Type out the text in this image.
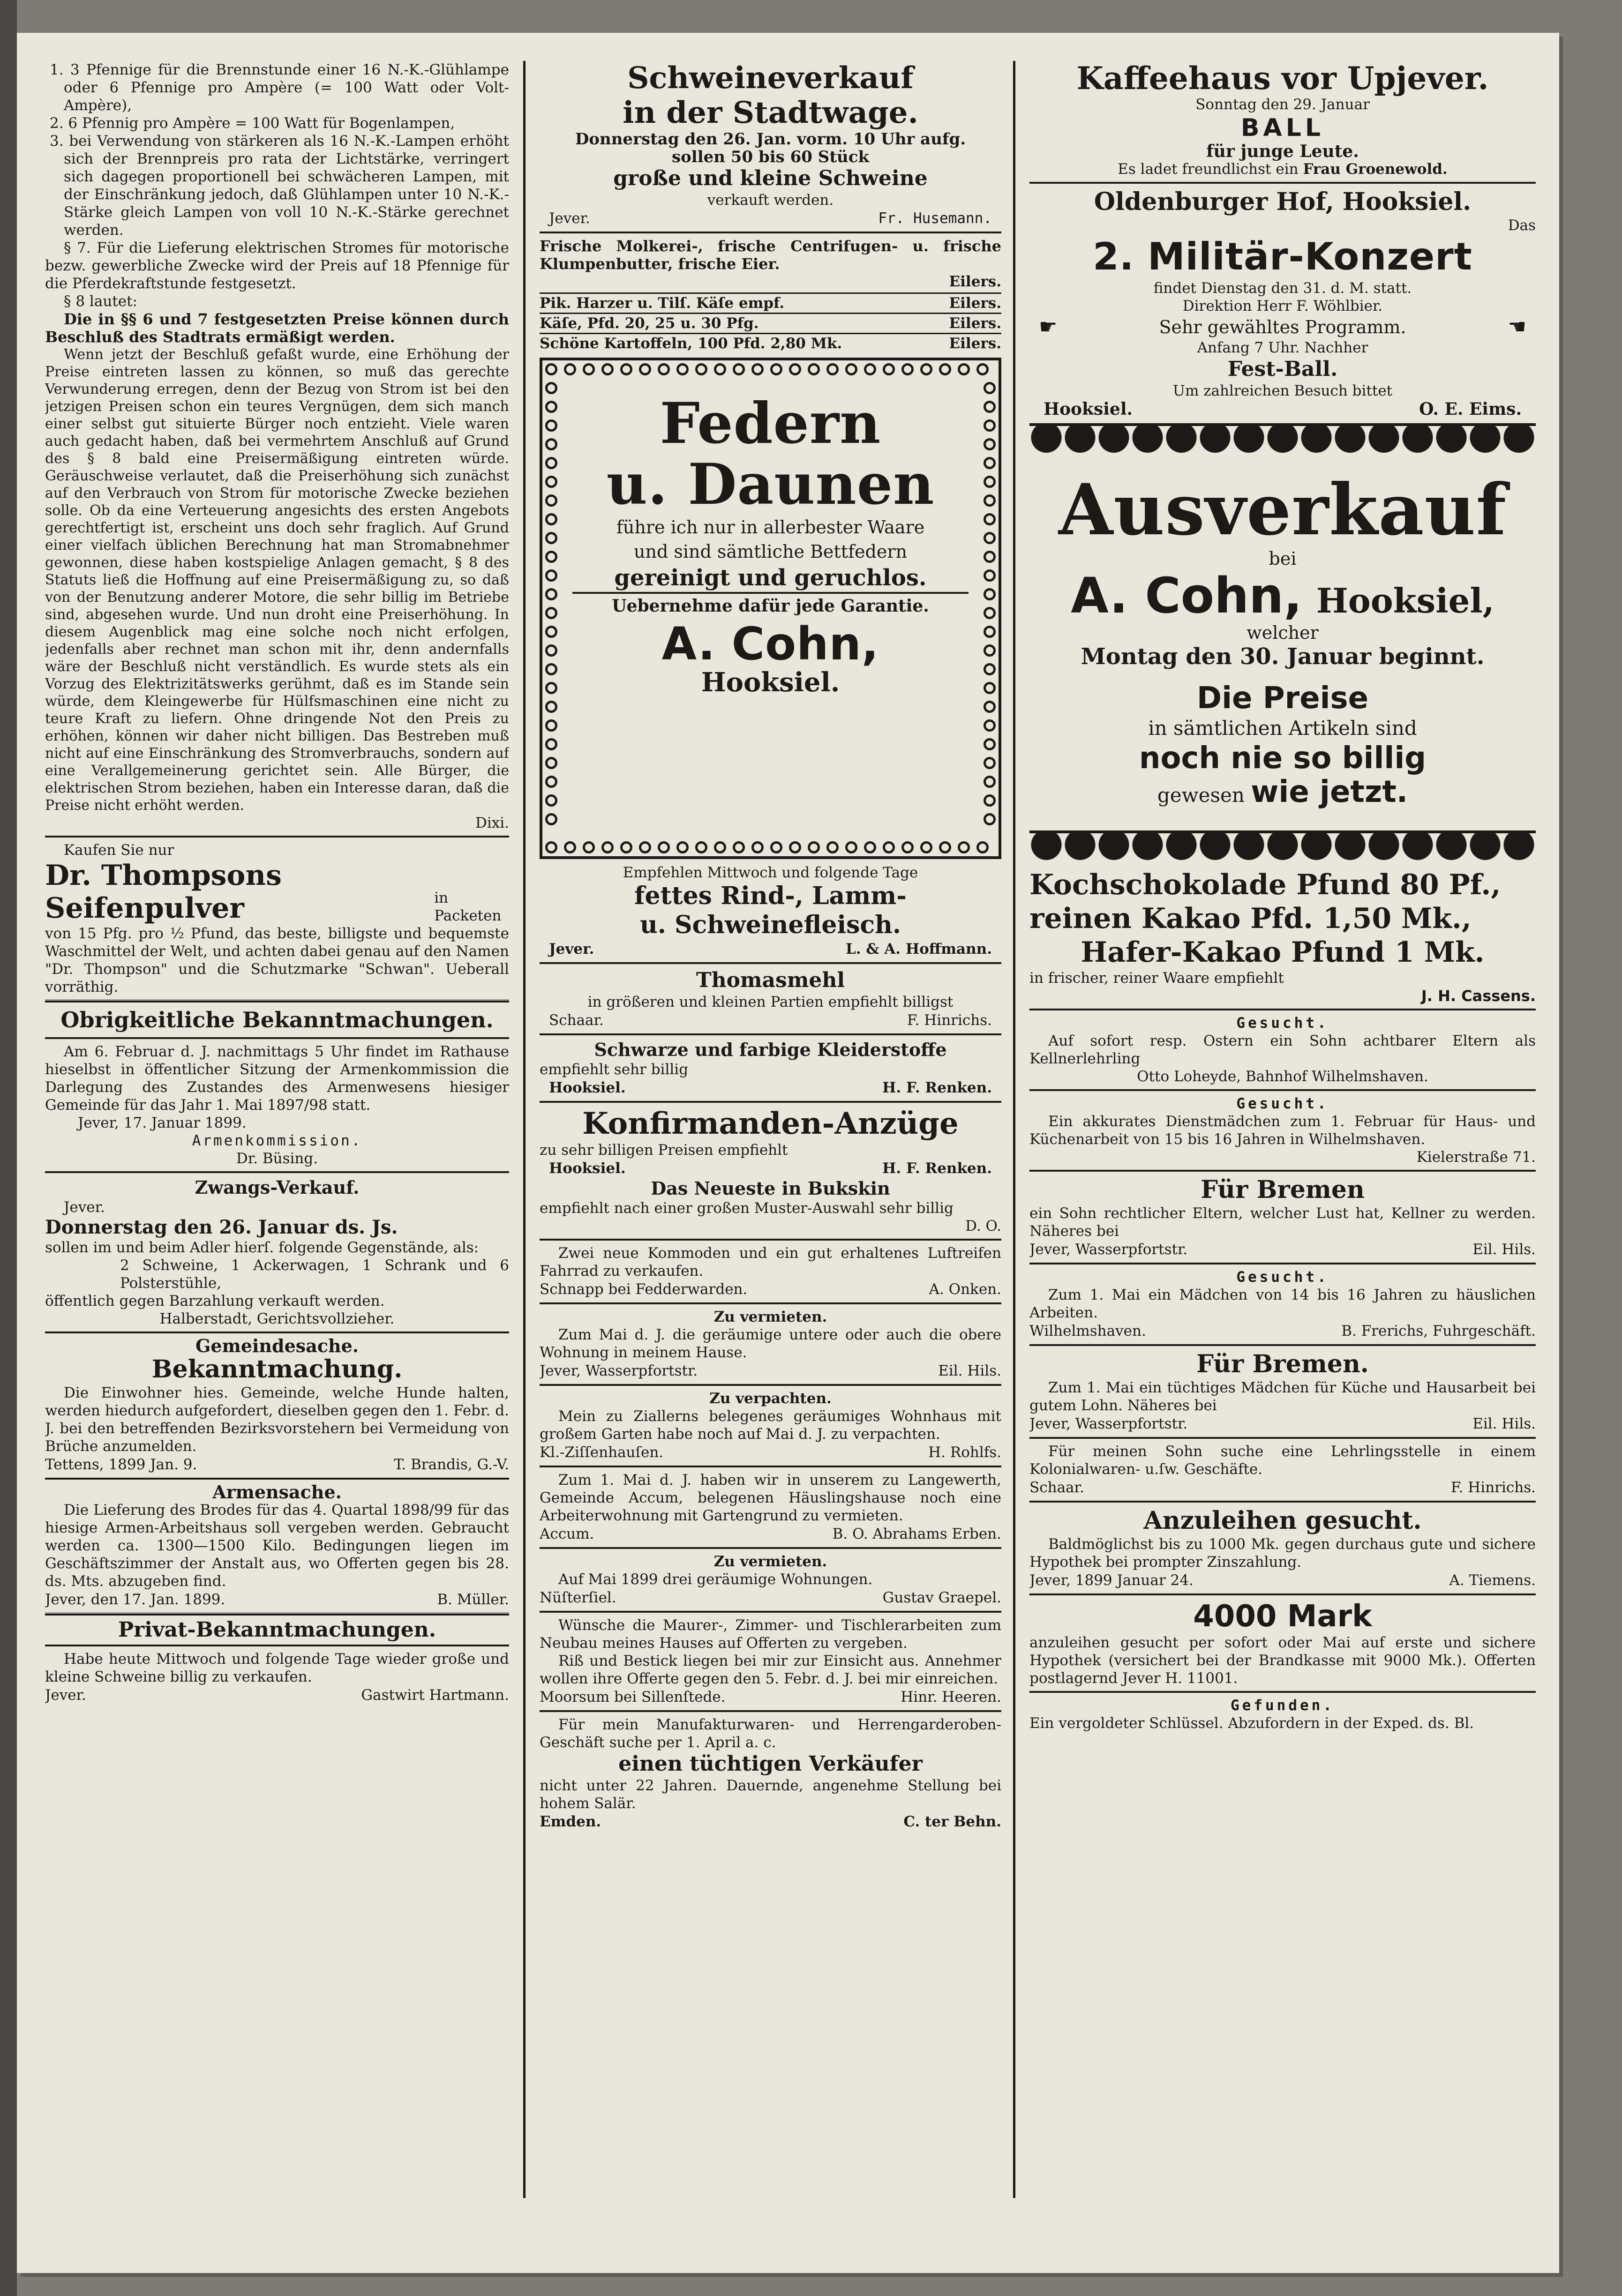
1. 3 Pfennige für die Brennstunde einer 16 N.-K.-Glühlampe oder 6 Pfennige pro Ampère (= 100 Watt oder Volt-Ampère),

2. 6 Pfennig pro Ampère = 100 Watt für Bogenlampen,

3. bei Verwendung von stärkeren als 16 N.-K.-Lampen erhöht sich der Brennpreis pro rata der Lichtstärke, verringert sich dagegen proportionell bei schwächeren Lampen, mit der Einschränkung jedoch, daß Glühlampen unter 10 N.-K.-Stärke gleich Lampen von voll 10 N.-K.-Stärke gerechnet werden.

§ 7. Für die Lieferung elektrischen Stromes für motorische bezw. gewerbliche Zwecke wird der Preis auf 18 Pfennige für die Pferdekraftstunde festgesetzt.

§ 8 lautet:

Die in §§ 6 und 7 festgesetzten Preise können durch Beschluß des Stadtrats ermäßigt werden.

Wenn jetzt der Beschluß gefaßt wurde, eine Erhöhung der Preise eintreten lassen zu können, so muß das gerechte Verwunderung erregen, denn der Bezug von Strom ist bei den jetzigen Preisen schon ein teures Vergnügen, dem sich manch einer selbst gut situierte Bürger noch entzieht. Viele waren auch gedacht haben, daß bei vermehrtem Anschluß auf Grund des § 8 bald eine Preisermäßigung eintreten würde. Geräuschweise verlautet, daß die Preiserhöhung sich zunächst auf den Verbrauch von Strom für motorische Zwecke beziehen solle. Ob da eine Verteuerung angesichts des ersten Angebots gerechtfertigt ist, erscheint uns doch sehr fraglich. Auf Grund einer vielfach üblichen Berechnung hat man Stromabnehmer gewonnen, diese haben kostspielige Anlagen gemacht, § 8 des Statuts ließ die Hoffnung auf eine Preisermäßigung zu, so daß von der Benutzung anderer Motore, die sehr billig im Betriebe sind, abgesehen wurde. Und nun droht eine Preiserhöhung. In diesem Augenblick mag eine solche noch nicht erfolgen, jedenfalls aber rechnet man schon mit ihr, denn andernfalls wäre der Beschluß nicht verständlich. Es wurde stets als ein Vorzug des Elektrizitätswerks gerühmt, daß es im Stande sein würde, dem Kleingewerbe für Hülfsmaschinen eine nicht zu teure Kraft zu liefern. Ohne dringende Not den Preis zu erhöhen, können wir daher nicht billigen. Das Bestreben muß nicht auf eine Einschränkung des Stromverbrauchs, sondern auf eine Verallgemeinerung gerichtet sein. Alle Bürger, die elektrischen Strom beziehen, haben ein Interesse daran, daß die Preise nicht erhöht werden.

Dixi.

Kaufen Sie nur

Dr. Thompsons Seifenpulver	in Packeten

von 15 Pfg. pro ½ Pfund, das beste, billigste und bequemste Waschmittel der Welt, und achten dabei genau auf den Namen "Dr. Thompson" und die Schutzmarke "Schwan". Ueberall vorräthig.

Obrigkeitliche Bekanntmachungen.

Am 6. Februar d. J. nachmittags 5 Uhr findet im Rathause hieselbst in öffentlicher Sitzung der Armenkommission die Darlegung des Zustandes des Armenwesens hiesiger Gemeinde für das Jahr 1. Mai 1897/98 statt.

Jever, 17. Januar 1899.

Armenkommission.

Dr. Büsing.

Zwangs-Verkauf.

Jever.

Donnerstag den 26. Januar ds. Js.

sollen im und beim Adler hierſ. folgende Gegenstände, als:

2 Schweine, 1 Ackerwagen, 1 Schrank und 6 Polsterstühle,

öffentlich gegen Barzahlung verkauft werden.

Halberstadt, Gerichtsvollzieher.

Gemeindesache.

Bekanntmachung.

Die Einwohner hies. Gemeinde, welche Hunde halten, werden hiedurch aufgefordert, dieselben gegen den 1. Febr. d. J. bei den betreffenden Bezirksvorstehern bei Vermeidung von Brüche anzumelden.

Tettens, 1899 Jan. 9.	T. Brandis, G.-V.

Armensache.

Die Lieferung des Brodes für das 4. Quartal 1898/99 für das hiesige Armen-Arbeitshaus soll vergeben werden. Gebraucht werden ca. 1300—1500 Kilo. Bedingungen liegen im Geschäftszimmer der Anstalt aus, wo Offerten gegen bis 28. ds. Mts. abzugeben find.

Jever, den 17. Jan. 1899.	B. Müller.
Privat-Bekanntmachungen.

Habe heute Mittwoch und folgende Tage wieder große und kleine Schweine billig zu verkaufen.

Jever.	Gastwirt Hartmann.
Schweineverkauf
in der Stadtwage.

Donnerstag den 26. Jan. vorm. 10 Uhr aufg.

sollen 50 bis 60 Stück

große und kleine Schweine

verkauft werden.

Jever.	Fr. Husemann.

Frische Molkerei-, frische Centrifugen- u. frische Klumpenbutter, frische Eier.

Eilers.

Pik. Harzer u. Tilſ. Käſe empf.	Eilers.
Käſe, Pfd. 20, 25 u. 30 Pfg.	Eilers.
Schöne Kartoffeln, 100 Pfd. 2,80 Mk.	Eilers.
Federn
u. Daunen

führe ich nur in allerbester Waare

und sind sämtliche Bettfedern

gereinigt und geruchlos.

Uebernehme dafür jede Garantie.

A. Cohn,
Hooksiel.

Empfehlen Mittwoch und folgende Tage

fettes Rind-, Lamm-
u. Schweinefleisch.
Jever.	L. & A. Hoffmann.
Thomasmehl

in größeren und kleinen Partien empfiehlt billigst

Schaar.	F. Hinrichs.
Schwarze und farbige Kleiderstoffe

empfiehlt sehr billig

Hooksiel.	H. F. Renken.
Konfirmanden-Anzüge

zu sehr billigen Preisen empfiehlt

Hooksiel.	H. F. Renken.
Das Neueste in Bukskin

empfiehlt nach einer großen Muster-Auswahl sehr billig

D. O.

Zwei neue Kommoden und ein gut erhaltenes Luftreifen Fahrrad zu verkaufen.

Schnapp bei Fedderwarden.	A. Onken.

Zu vermieten.

Zum Mai d. J. die geräumige untere oder auch die obere Wohnung in meinem Hause.

Jever, Wasserpfortstr.	Eil. Hils.

Zu verpachten.

Mein zu Ziallerns belegenes geräumiges Wohnhaus mit großem Garten habe noch auf Mai d. J. zu verpachten.

Kl.-Ziſſenhauſen.	H. Rohlfs.

Zum 1. Mai d. J. haben wir in unserem zu Langewerth, Gemeinde Accum, belegenen Häuslingshause noch eine Arbeiterwohnung mit Gartengrund zu vermieten.

Accum.	B. O. Abrahams Erben.

Zu vermieten.

Auf Mai 1899 drei geräumige Wohnungen.

Nüſterſiel.	Gustav Graepel.

Wünsche die Maurer-, Zimmer- und Tischlerarbeiten zum Neubau meines Hauses auf Offerten zu vergeben.

Riß und Bestick liegen bei mir zur Einsicht aus. Annehmer wollen ihre Offerte gegen den 5. Febr. d. J. bei mir einreichen.

Moorsum bei Sillenſtede.	Hinr. Heeren.

Für mein Manufakturwaren- und Herrengarderoben-Geschäft suche per 1. April a. c.

einen tüchtigen Verkäufer

nicht unter 22 Jahren. Dauernde, angenehme Stellung bei hohem Salär.

Emden.	C. ter Behn.
Kaffeehaus vor Upjever.

Sonntag den 29. Januar

BALL

für junge Leute.

Es ladet freundlichst ein Frau Groenewold.

Oldenburger Hof, Hooksiel.

Das

2. Militär-Konzert

findet Dienstag den 31. d. M. statt.

Direktion Herr F. Wöhlbier.

☛	Sehr gewähltes Programm.	☚

Anfang 7 Uhr. Nachher

Fest-Ball.

Um zahlreichen Besuch bittet

Hooksiel.	O. E. Eims.
Ausverkauf

bei

A. Cohn, Hooksiel,

welcher

Montag den 30. Januar beginnt.
Die Preise

in sämtlichen Artikeln sind

noch nie so billig

gewesen wie jetzt.

Kochschokolade Pfund 80 Pf.,
reinen Kakao Pfd. 1,50 Mk.,
Hafer-Kakao Pfund 1 Mk.

in frischer, reiner Waare empfiehlt

J. H. Cassens.

Gesucht.

Auf sofort resp. Ostern ein Sohn achtbarer Eltern als Kellnerlehrling

Otto Loheyde, Bahnhof Wilhelmshaven.

Gesucht.

Ein akkurates Dienstmädchen zum 1. Februar für Haus- und Küchenarbeit von 15 bis 16 Jahren in Wilhelmshaven.

Kielerstraße 71.

Für Bremen

ein Sohn rechtlicher Eltern, welcher Lust hat, Kellner zu werden. Näheres bei

Jever, Wasserpfortstr.	Eil. Hils.

Gesucht.

Zum 1. Mai ein Mädchen von 14 bis 16 Jahren zu häuslichen Arbeiten.

Wilhelmshaven.	B. Frerichs, Fuhrgeschäft.
Für Bremen.

Zum 1. Mai ein tüchtiges Mädchen für Küche und Hausarbeit bei gutem Lohn. Näheres bei

Jever, Wasserpfortstr.	Eil. Hils.

Für meinen Sohn suche eine Lehrlingsstelle in einem Kolonialwaren- u.ſw. Geschäfte.

Schaar.	F. Hinrichs.
Anzuleihen gesucht.

Baldmöglichst bis zu 1000 Mk. gegen durchaus gute und sichere Hypothek bei prompter Zinszahlung.

Jever, 1899 Januar 24.	A. Tiemens.
4000 Mark

anzuleihen gesucht per sofort oder Mai auf erste und sichere Hypothek (versichert bei der Brandkasse mit 9000 Mk.). Offerten postlagernd Jever H. 11001.

Gefunden.

Ein vergoldeter Schlüssel. Abzufordern in der Exped. ds. Bl.
